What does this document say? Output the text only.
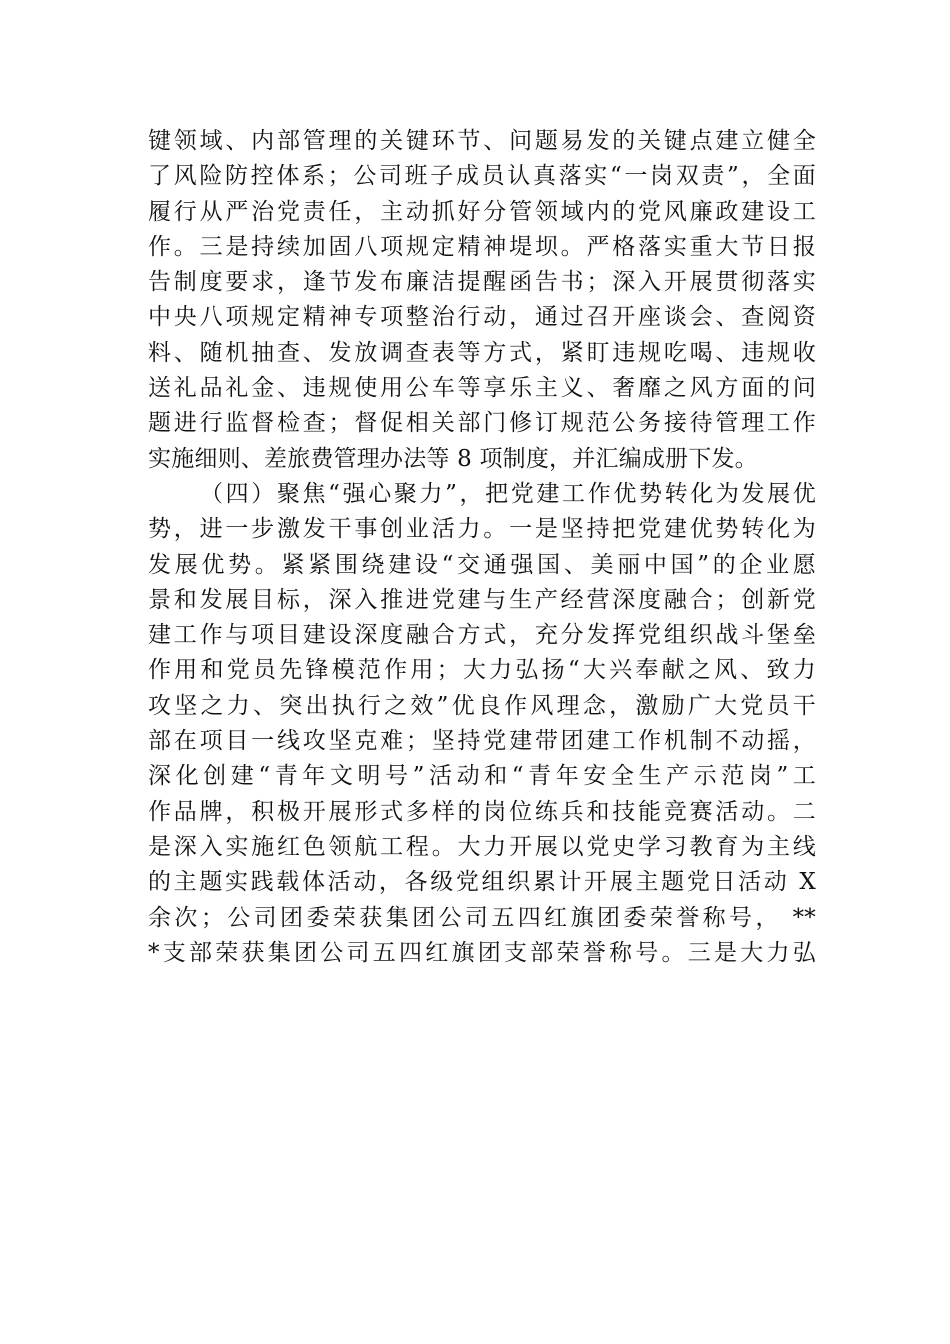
键领域、内部管理的关键环节、问题易发的关键点建立健全
了风险防控体系；公司班子成员认真落实“一岗双责”，全面
履行从严治党责任，主动抓好分管领域内的党风廉政建设工
作。三是持续加固八项规定精神堤坝。严格落实重大节日报
告制度要求，逢节发布廉洁提醒函告书；深入开展贯彻落实
中央八项规定精神专项整治行动，通过召开座谈会、查阅资
料、随机抽查、发放调查表等方式，紧盯违规吃喝、违规收
送礼品礼金、违规使用公车等享乐主义、奢靡之风方面的问
题进行监督检查；督促相关部门修订规范公务接待管理工作
实施细则、差旅费管理办法等 8 项制度，并汇编成册下发。
（四）聚焦“强心聚力”，把党建工作优势转化为发展优
势，进一步激发干事创业活力。一是坚持把党建优势转化为
发展优势。紧紧围绕建设“交通强国、美丽中国”的企业愿
景和发展目标，深入推进党建与生产经营深度融合；创新党
建工作与项目建设深度融合方式，充分发挥党组织战斗堡垒
作用和党员先锋模范作用；大力弘扬“大兴奉献之风、致力
攻坚之力、突出执行之效”优良作风理念，激励广大党员干
部在项目一线攻坚克难；坚持党建带团建工作机制不动摇，
深化创建“青年文明号”活动和“青年安全生产示范岗”工
作品牌，积极开展形式多样的岗位练兵和技能竞赛活动。二
是深入实施红色领航工程。大力开展以党史学习教育为主线
的主题实践载体活动，各级党组织累计开展主题党日活动 X
余次；公司团委荣获集团公司五四红旗团委荣誉称号， **
*支部荣获集团公司五四红旗团支部荣誉称号。三是大力弘
